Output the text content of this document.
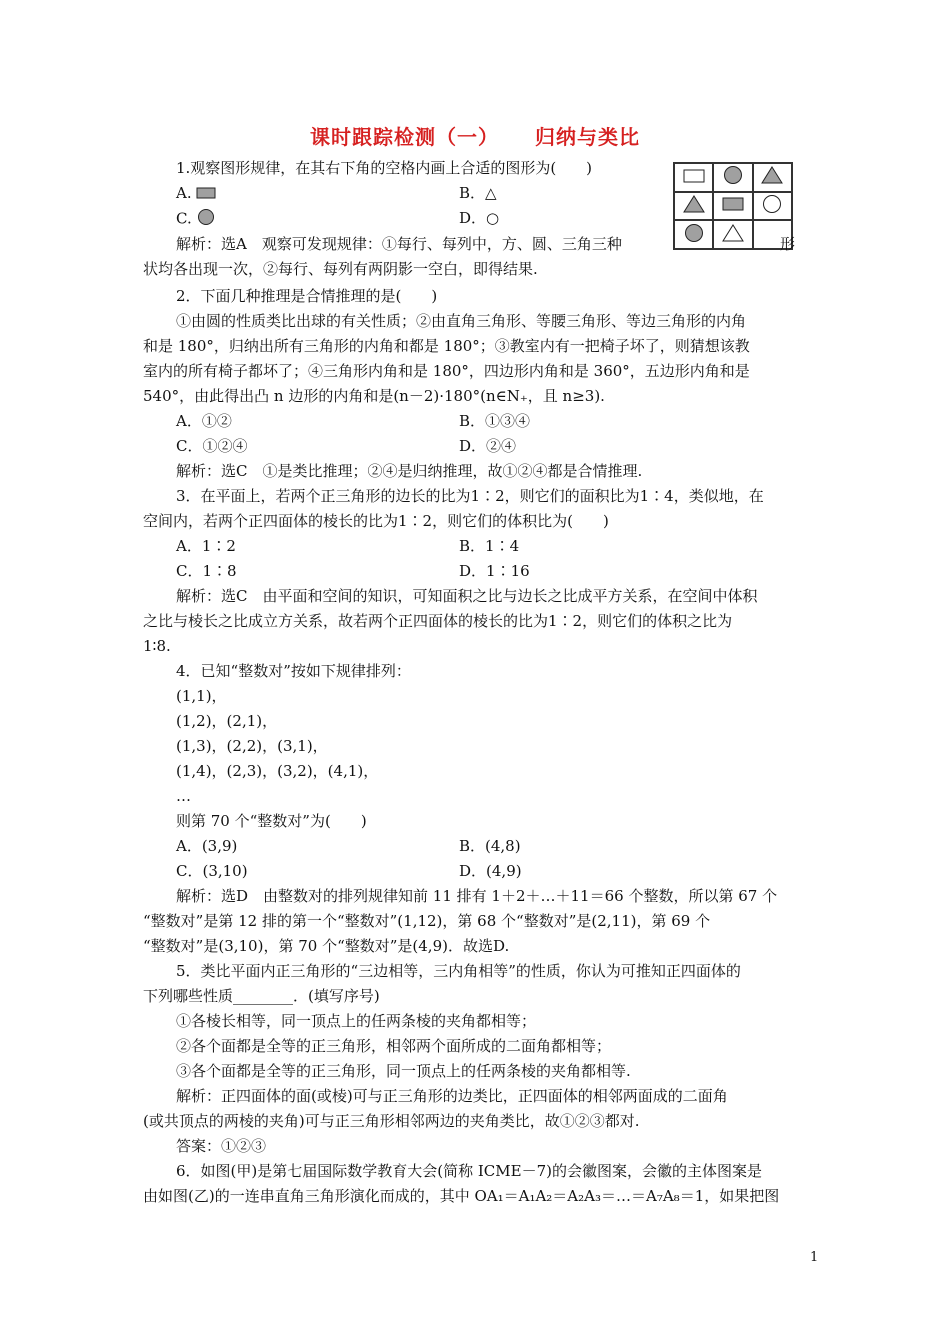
课时跟踪检测（一） 归纳与类比
1.观察图形规律，在其右下角的空格内画上合适的图形为(　　)
A.	B．△
C.	D．○
解析：选A　观察可发现规律：①每行、每列中，方、圆、三角三种	形
状均各出现一次，②每行、每列有两阴影一空白，即得结果.
2．下面几种推理是合情推理的是(　　)
①由圆的性质类比出球的有关性质；②由直角三角形、等腰三角形、等边三角形的内角
和是 180°，归纳出所有三角形的内角和都是 180°；③教室内有一把椅子坏了，则猜想该教
室内的所有椅子都坏了；④三角形内角和是 180°，四边形内角和是 360°，五边形内角和是
540°，由此得出凸 n 边形的内角和是(n－2)·180°(n∈N₊，且 n≥3).
A．①②	B．①③④
C．①②④	D．②④
解析：选C　①是类比推理；②④是归纳推理，故①②④都是合情推理.
3．在平面上，若两个正三角形的边长的比为1∶2，则它们的面积比为1∶4，类似地，在
空间内，若两个正四面体的棱长的比为1∶2，则它们的体积比为(　　)
A．1∶2	B．1∶4
C．1∶8	D．1∶16
解析：选C　由平面和空间的知识，可知面积之比与边长之比成平方关系，在空间中体积
之比与棱长之比成立方关系，故若两个正四面体的棱长的比为1∶2，则它们的体积之比为
1∶8.
4．已知“整数对”按如下规律排列：
(1,1)，
(1,2)，(2,1)，
(1,3)，(2,2)，(3,1)，
(1,4)，(2,3)，(3,2)，(4,1)，
…
则第 70 个“整数对”为(　　)
A．(3,9)	B．(4,8)
C．(3,10)	D．(4,9)
解析：选D　由整数对的排列规律知前 11 排有 1＋2＋…＋11＝66 个整数，所以第 67 个
“整数对”是第 12 排的第一个“整数对”(1,12)，第 68 个“整数对”是(2,11)，第 69 个
“整数对”是(3,10)，第 70 个“整数对”是(4,9)．故选D.
5．类比平面内正三角形的“三边相等，三内角相等”的性质，你认为可推知正四面体的
下列哪些性质________．(填写序号)
①各棱长相等，同一顶点上的任两条棱的夹角都相等；
②各个面都是全等的正三角形，相邻两个面所成的二面角都相等；
③各个面都是全等的正三角形，同一顶点上的任两条棱的夹角都相等.
解析：正四面体的面(或棱)可与正三角形的边类比，正四面体的相邻两面成的二面角
(或共顶点的两棱的夹角)可与正三角形相邻两边的夹角类比，故①②③都对.
答案：①②③
6．如图(甲)是第七届国际数学教育大会(简称 ICME－7)的会徽图案，会徽的主体图案是
由如图(乙)的一连串直角三角形演化而成的，其中 OA₁＝A₁A₂＝A₂A₃＝…＝A₇A₈＝1，如果把图
1
